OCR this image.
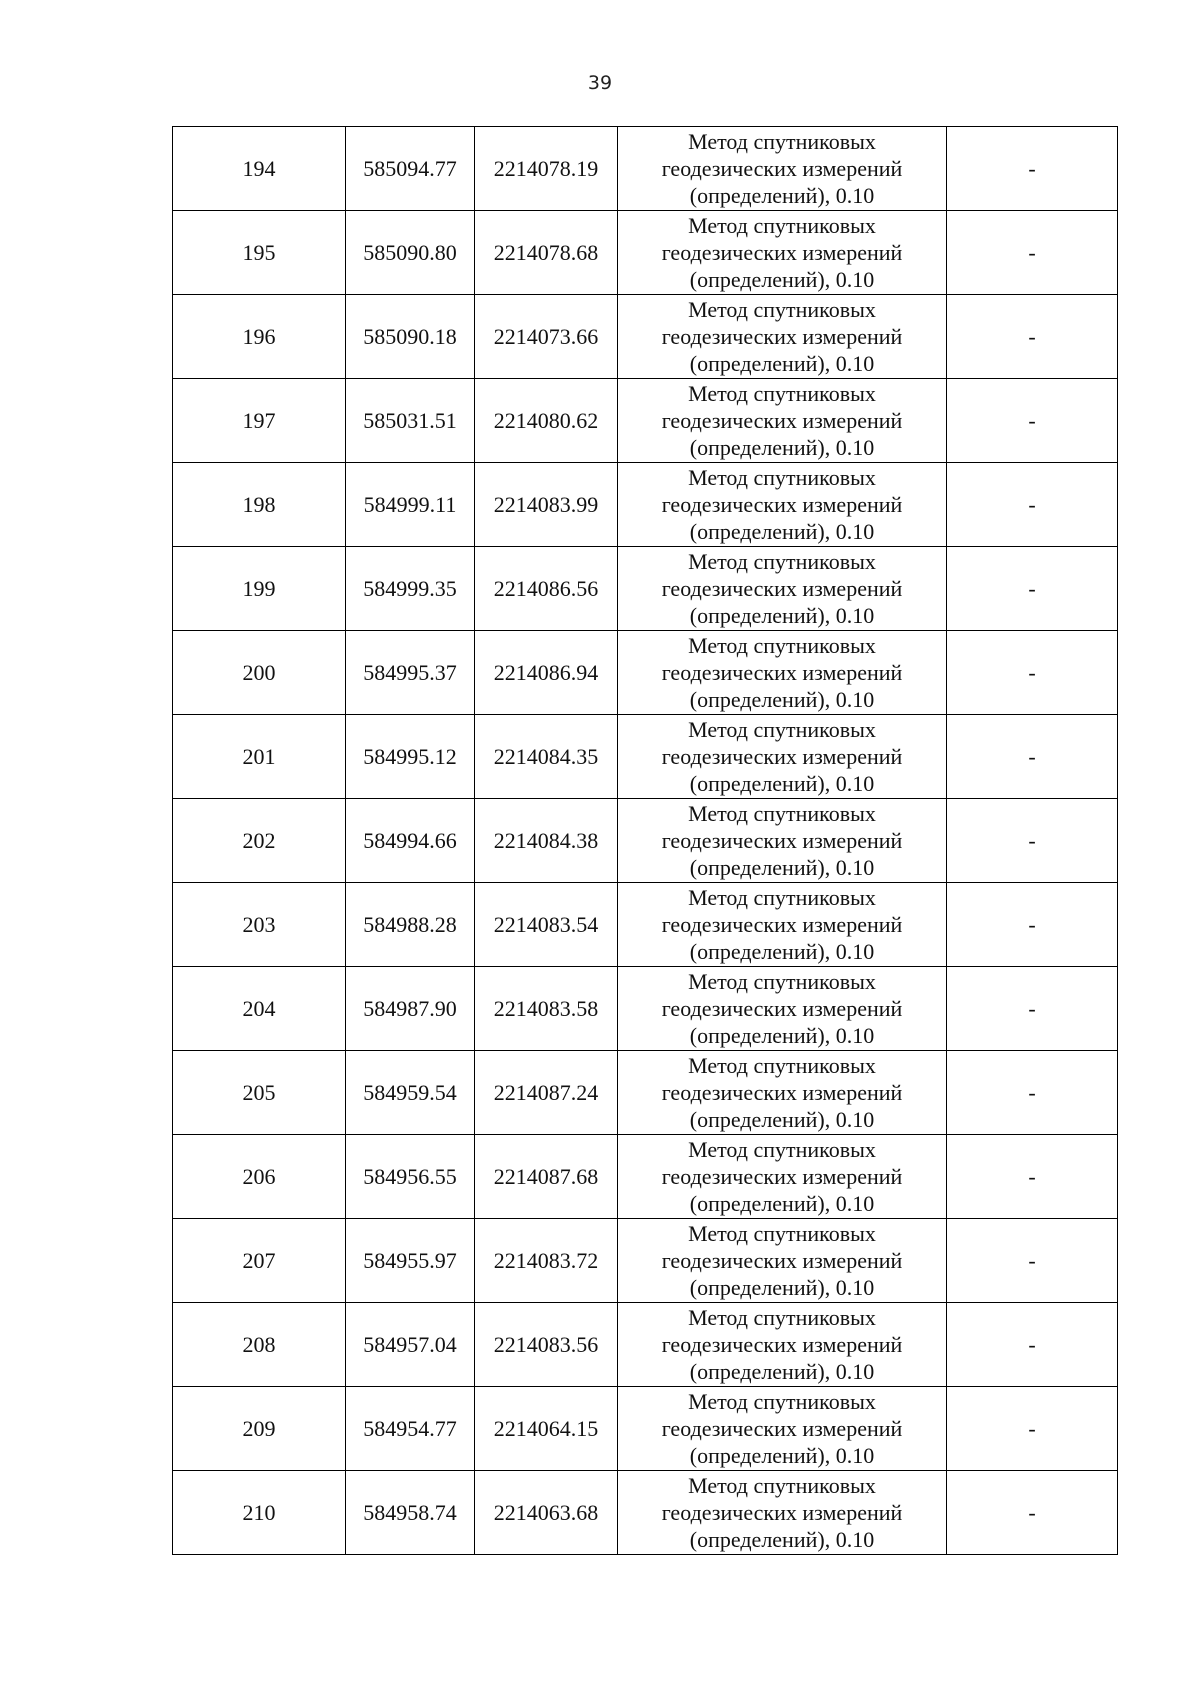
39
194	585094.77	2214078.19	Метод спутниковых
геодезических измерений
(определений), 0.10	-
195	585090.80	2214078.68	Метод спутниковых
геодезических измерений
(определений), 0.10	-
196	585090.18	2214073.66	Метод спутниковых
геодезических измерений
(определений), 0.10	-
197	585031.51	2214080.62	Метод спутниковых
геодезических измерений
(определений), 0.10	-
198	584999.11	2214083.99	Метод спутниковых
геодезических измерений
(определений), 0.10	-
199	584999.35	2214086.56	Метод спутниковых
геодезических измерений
(определений), 0.10	-
200	584995.37	2214086.94	Метод спутниковых
геодезических измерений
(определений), 0.10	-
201	584995.12	2214084.35	Метод спутниковых
геодезических измерений
(определений), 0.10	-
202	584994.66	2214084.38	Метод спутниковых
геодезических измерений
(определений), 0.10	-
203	584988.28	2214083.54	Метод спутниковых
геодезических измерений
(определений), 0.10	-
204	584987.90	2214083.58	Метод спутниковых
геодезических измерений
(определений), 0.10	-
205	584959.54	2214087.24	Метод спутниковых
геодезических измерений
(определений), 0.10	-
206	584956.55	2214087.68	Метод спутниковых
геодезических измерений
(определений), 0.10	-
207	584955.97	2214083.72	Метод спутниковых
геодезических измерений
(определений), 0.10	-
208	584957.04	2214083.56	Метод спутниковых
геодезических измерений
(определений), 0.10	-
209	584954.77	2214064.15	Метод спутниковых
геодезических измерений
(определений), 0.10	-
210	584958.74	2214063.68	Метод спутниковых
геодезических измерений
(определений), 0.10	-
